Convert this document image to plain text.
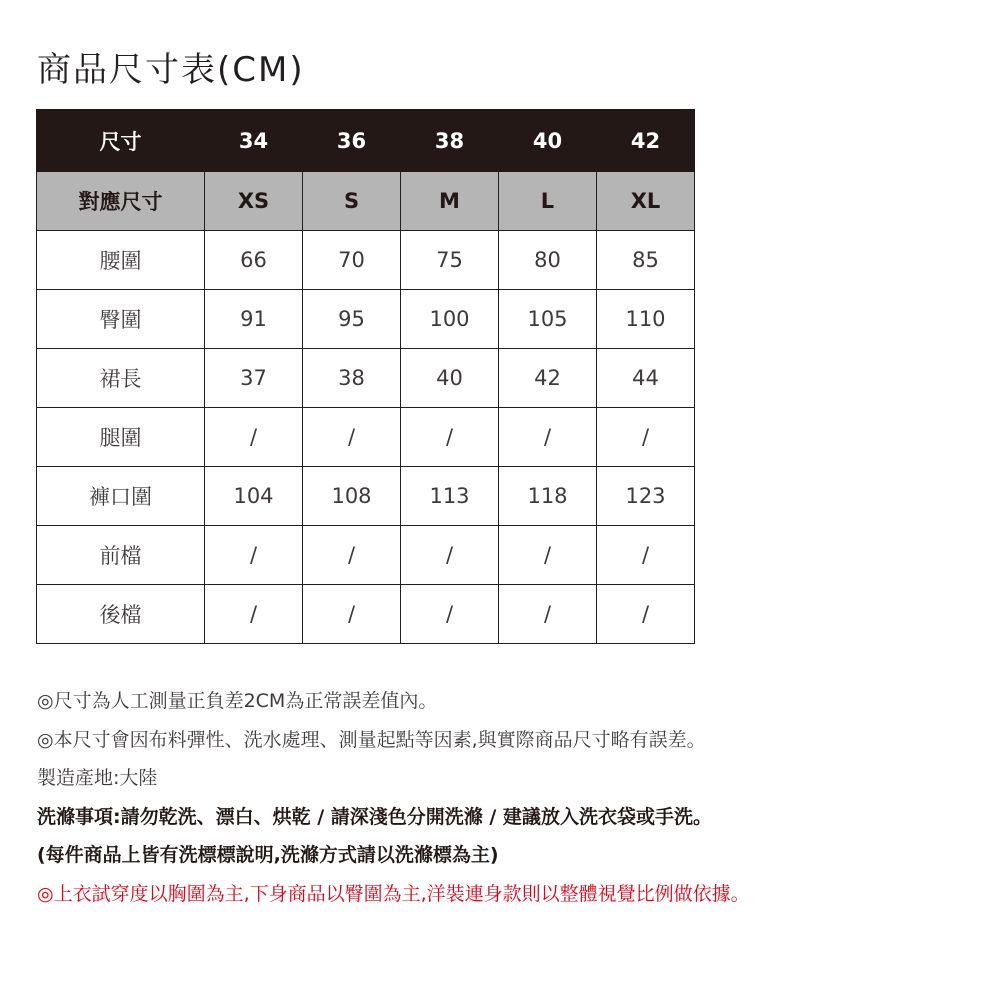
商品尺寸表(CM)
尺寸	34	36	38	40	42
對應尺寸	XS	S	M	L	XL
腰圍	66	70	75	80	85
臀圍	91	95	100	105	110
裙長	37	38	40	42	44
腿圍	/	/	/	/	/
褲口圍	104	108	113	118	123
前檔	/	/	/	/	/
後檔	/	/	/	/	/
◎尺寸為人工測量正負差2CM為正常誤差值內。
◎本尺寸會因布料彈性、洗水處理、測量起點等因素,與實際商品尺寸略有誤差。
製造產地:大陸
洗滌事項:請勿乾洗、漂白、烘乾 / 請深淺色分開洗滌 / 建議放入洗衣袋或手洗。
(每件商品上皆有洗標標說明,洗滌方式請以洗滌標為主)
◎上衣試穿度以胸圍為主,下身商品以臀圍為主,洋裝連身款則以整體視覺比例做依據。
